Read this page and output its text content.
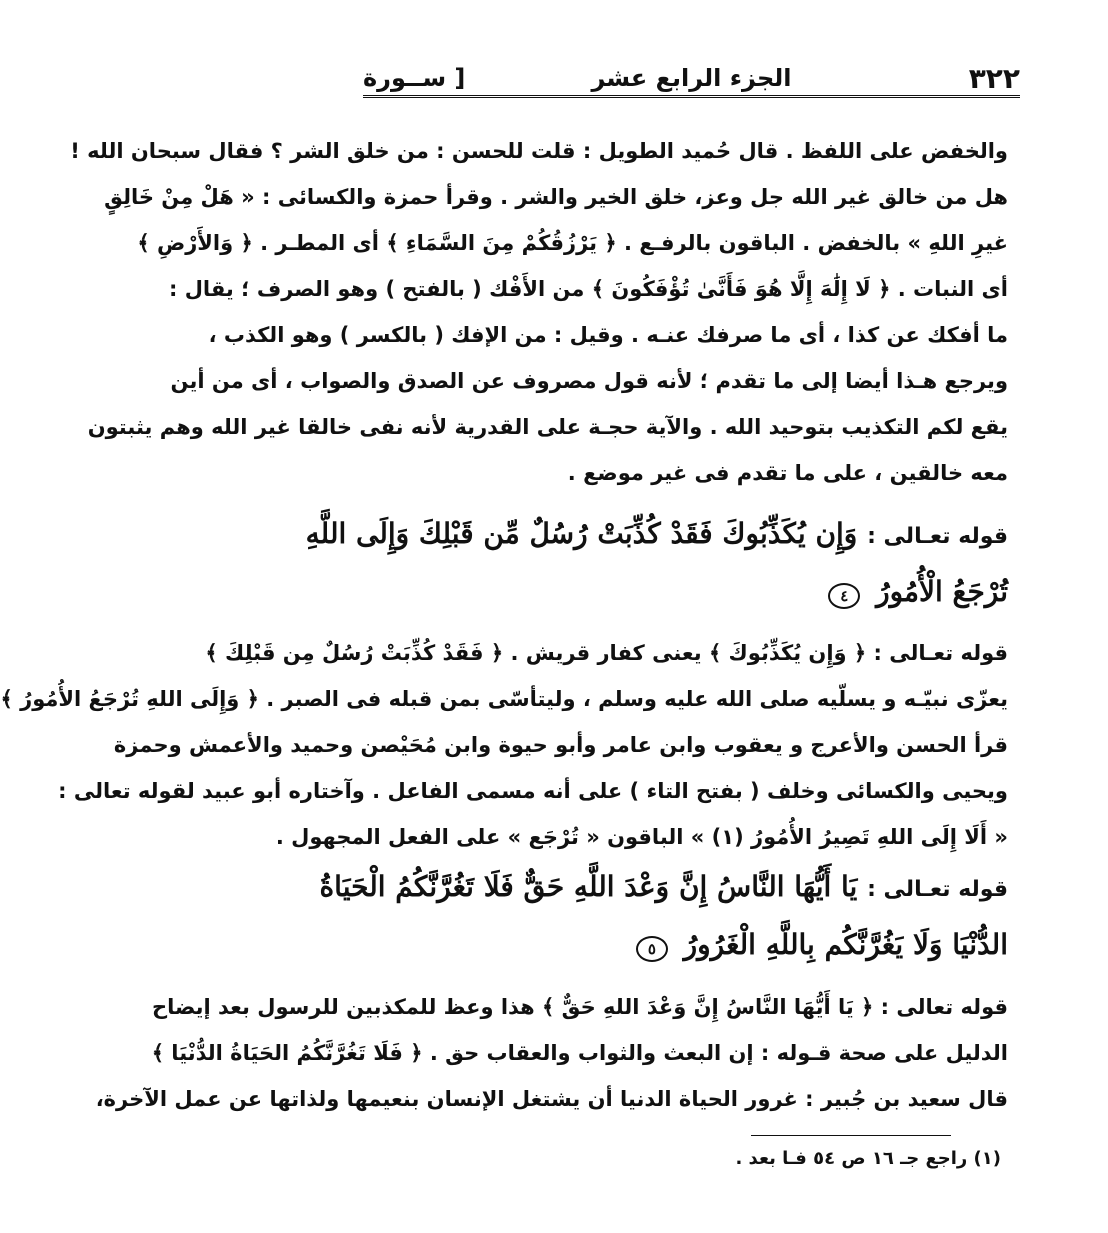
٣٢٢
الجزء الرابع عشر
[ ســورة
والخفض على اللفظ . قال حُميد الطويل : قلت للحسن : من خلق الشر ؟ فقال سبحان الله !
هل من خالق غير الله جل وعز، خلق الخير والشر . وقرأ حمزة والكسائى : « هَلْ مِنْ خَالِقٍ
غيرِ اللهِ » بالخفض . الباقون بالرفـع . ﴿ يَرْزُقُكُمْ مِنَ السَّمَاءِ ﴾ أى المطـر . ﴿ وَالأَرْضِ ﴾
أى النبات . ﴿ لَا إِلَٰهَ إِلَّا هُوَ فَأَنَّىٰ تُؤْفَكُونَ ﴾ من الأَفْك ( بالفتح ) وهو الصرف ؛ يقال :
ما أفكك عن كذا ، أى ما صرفك عنـه . وقيل : من الإفك ( بالكسر ) وهو الكذب ،
ويرجع هـذا أيضا إلى ما تقدم ؛ لأنه قول مصروف عن الصدق والصواب ، أى من أين
يقع لكم التكذيب بتوحيد الله . والآية حجـة على القدرية لأنه نفى خالقا غير الله وهم يثبتون
معه خالقين ، على ما تقدم فى غير موضع .
قوله تعـالى : وَإِن يُكَذِّبُوكَ فَقَدْ كُذِّبَتْ رُسُلٌ مِّن قَبْلِكَ وَإِلَى اللَّهِ
تُرْجَعُ الْأُمُورُ ٤
قوله تعـالى : ﴿ وَإِن يُكَذِّبُوكَ ﴾ يعنى كفار قريش . ﴿ فَقَدْ كُذِّبَتْ رُسُلٌ مِن قَبْلِكَ ﴾
يعزّى نبيّـه و يسلّيه صلى الله عليه وسلم ، وليتأسّى بمن قبله فى الصبر . ﴿ وَإِلَى اللهِ تُرْجَعُ الأُمُورُ ﴾
قرأ الحسن والأعرج و يعقوب وابن عامر وأبو حيوة وابن مُحَيْصن وحميد والأعمش وحمزة
ويحيى والكسائى وخلف ( بفتح التاء ) على أنه مسمى الفاعل . وآختاره أبو عبيد لقوله تعالى :
« أَلَا إِلَى اللهِ تَصِيرُ الأُمُورُ (١) » الباقون « تُرْجَع » على الفعل المجهول .
قوله تعـالى : يَا أَيُّهَا النَّاسُ إِنَّ وَعْدَ اللَّهِ حَقٌّ فَلَا تَغُرَّنَّكُمُ الْحَيَاةُ
الدُّنْيَا وَلَا يَغُرَّنَّكُم بِاللَّهِ الْغَرُورُ ٥
قوله تعالى : ﴿ يَا أَيُّهَا النَّاسُ إِنَّ وَعْدَ اللهِ حَقٌّ ﴾ هذا وعظ للمكذبين للرسول بعد إيضاح
الدليل على صحة قـوله : إن البعث والثواب والعقاب حق . ﴿ فَلَا تَغُرَّنَّكُمُ الحَيَاةُ الدُّنْيَا ﴾
قال سعيد بن جُبير : غرور الحياة الدنيا أن يشتغل الإنسان بنعيمها ولذاتها عن عمل الآخرة،
(١) راجع جـ ١٦ ص ٥٤ فـا بعد .
